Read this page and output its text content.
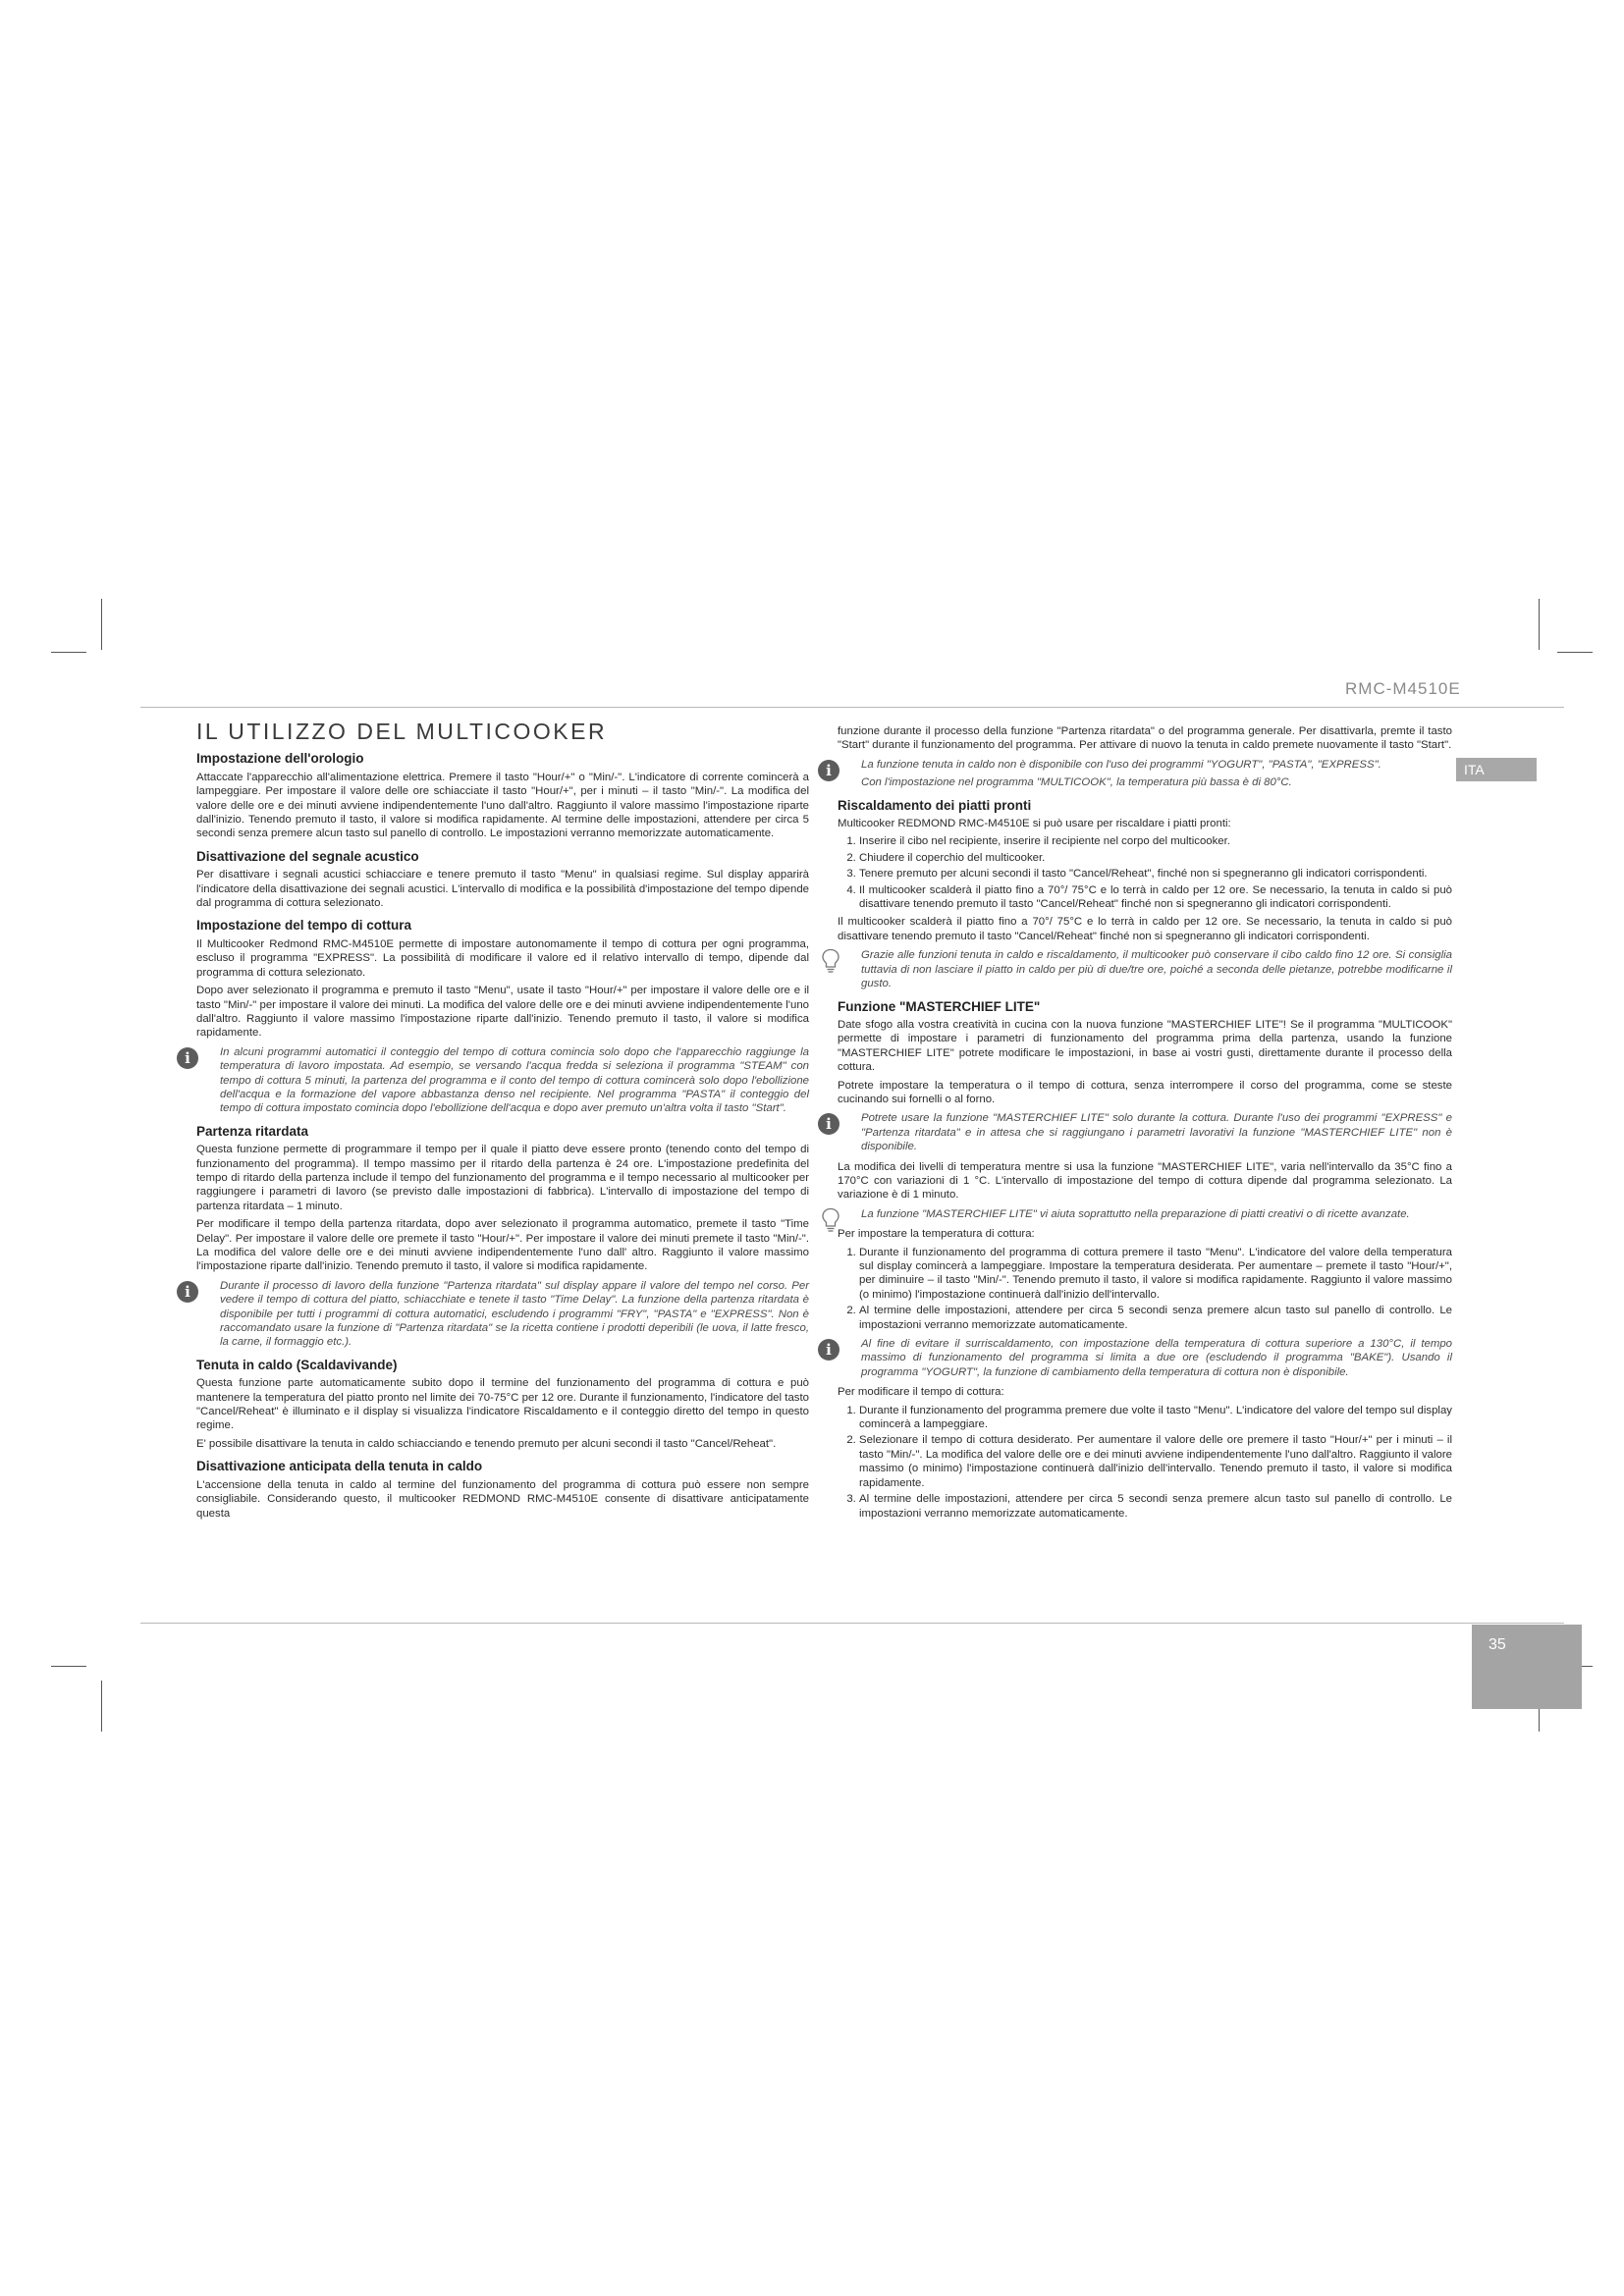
RMC-M4510E
ITA
35
IL UTILIZZO DEL MULTICOOKER
Impostazione dell'orologio

Attaccate l'apparecchio all'alimentazione elettrica. Premere il tasto "Hour/+" o "Min/-". L'indicatore di corrente comincerà a lampeggiare. Per impostare il valore delle ore schiacciate il tasto "Hour/+", per i minuti – il tasto "Min/-". La modifica del valore delle ore e dei minuti avviene indipendentemente l'uno dall'altro. Raggiunto il valore massimo l'impostazione riparte dall'inizio. Tenendo premuto il tasto, il valore si modifica rapidamente. Al termine delle impostazioni, attendere per circa 5 secondi senza premere alcun tasto sul panello di controllo. Le impostazioni verranno memorizzate automaticamente.

Disattivazione del segnale acustico

Per disattivare i segnali acustici schiacciare e tenere premuto il tasto "Menu" in qualsiasi regime. Sul display apparirà l'indicatore della disattivazione dei segnali acustici. L'intervallo di modifica e la possibilità d'impostazione del tempo dipende dal programma di cottura selezionato.

Impostazione del tempo di cottura

Il Multicooker Redmond RMC-M4510E permette di impostare autonomamente il tempo di cottura per ogni programma, escluso il programma "EXPRESS". La possibilità di modificare il valore ed il relativo intervallo di tempo, dipende dal programma di cottura selezionato.

Dopo aver selezionato il programma e premuto il tasto "Menu", usate il tasto "Hour/+" per impostare il valore delle ore e il tasto "Min/-" per impostare il valore dei minuti. La modifica del valore delle ore e dei minuti avviene indipendentemente l'uno dall'altro. Raggiunto il valore massimo l'impostazione riparte dall'inizio. Tenendo premuto il tasto, il valore si modifica rapidamente.

i	In alcuni programmi automatici il conteggio del tempo di cottura comincia solo dopo che l'apparecchio raggiunge la temperatura di lavoro impostata. Ad esempio, se versando l'acqua fredda si seleziona il programma "STEAM" con tempo di cottura 5 minuti, la partenza del programma e il conto del tempo di cottura comincerà solo dopo l'ebollizione dell'acqua e la formazione del vapore abbastanza denso nel recipiente. Nel programma "PASTA" il conteggio del tempo di cottura impostato comincia dopo l'ebollizione dell'acqua e dopo aver premuto un'altra volta il tasto "Start".

Partenza ritardata

Questa funzione permette di programmare il tempo per il quale il piatto deve essere pronto (tenendo conto del tempo di funzionamento del programma). Il tempo massimo per il ritardo della partenza è 24 ore. L'impostazione predefinita del tempo di ritardo della partenza include il tempo del funzionamento del programma e il tempo necessario al multicooker per raggiungere i parametri di lavoro (se previsto dalle impostazioni di fabbrica). L'intervallo di impostazione del tempo di partenza ritardata – 1 minuto.

Per modificare il tempo della partenza ritardata, dopo aver selezionato il programma automatico, premete il tasto "Time Delay". Per impostare il valore delle ore premete il tasto "Hour/+". Per impostare il valore dei minuti premete il tasto "Min/-". La modifica del valore delle ore e dei minuti avviene indipendentemente l'uno dall' altro. Raggiunto il valore massimo l'impostazione riparte dall'inizio. Tenendo premuto il tasto, il valore si modifica rapidamente.

i	Durante il processo di lavoro della funzione "Partenza ritardata" sul display appare il valore del tempo nel corso. Per vedere il tempo di cottura del piatto, schiacchiate e tenete il tasto "Time Delay". La funzione della partenza ritardata è disponibile per tutti i programmi di cottura automatici, escludendo i programmi "FRY", "PASTA" e "EXPRESS". Non è raccomandato usare la funzione di "Partenza ritardata" se la ricetta contiene i prodotti deperibili (le uova, il latte fresco, la carne, il formaggio etc.).

Tenuta in caldo (Scaldavivande)

Questa funzione parte automaticamente subito dopo il termine del funzionamento del programma di cottura e può mantenere la temperatura del piatto pronto nel limite dei 70-75°С per 12 ore. Durante il funzionamento, l'indicatore del tasto "Cancel/Reheat" è illuminato e il display si visualizza l'indicatore Riscaldamento e il conteggio diretto del tempo in questo regime.

E' possibile disattivare la tenuta in caldo schiacciando e tenendo premuto per alcuni secondi il tasto "Cancel/Reheat".

Disattivazione anticipata della tenuta in caldo

L'accensione della tenuta in caldo al termine del funzionamento del programma di cottura può essere non sempre consigliabile. Considerando questo, il multicooker REDMOND RMC-M4510E consente di disattivare anticipatamente questa

funzione durante il processo della funzione "Partenza ritardata" o del programma generale. Per disattivarla, premte il tasto "Start" durante il funzionamento del programma. Per attivare di nuovo la tenuta in caldo premete nuovamente il tasto "Start".

i	La funzione tenuta in caldo non è disponibile con l'uso dei programmi "YOGURT", "PASTA", "EXPRESS".

Con l'impostazione nel programma "MULTICOOK", la temperatura più bassa è di 80°C.

Riscaldamento dei piatti pronti

Multicooker REDMOND RMC-M4510E si può usare per riscaldare i piatti pronti:

1. Inserire il cibo nel recipiente, inserire il recipiente nel corpo del multicooker.
2. Chiudere il coperchio del multicooker.
3. Tenere premuto per alcuni secondi il tasto "Cancel/Reheat", finché non si spegneranno gli indicatori corrispondenti.
4. Il multicooker scalderà il piatto fino a 70°/ 75°C e lo terrà in caldo per 12 ore. Se necessario, la tenuta in caldo si può disattivare tenendo premuto il tasto "Cancel/Reheat" finché non si spegneranno gli indicatori corrispondenti.

Il multicooker scalderà il piatto fino a 70°/ 75°C e lo terrà in caldo per 12 ore. Se necessario, la tenuta in caldo si può disattivare tenendo premuto il tasto "Cancel/Reheat" finché non si spegneranno gli indicatori corrispondenti.

Grazie alle funzioni tenuta in caldo e riscaldamento, il multicooker può conservare il cibo caldo fino 12 ore. Si consiglia tuttavia di non lasciare il piatto in caldo per più di due/tre ore, poiché a seconda delle pietanze, potrebbe modificarne il gusto.

Funzione "MASTERCHIEF LITE"

Date sfogo alla vostra creatività in cucina con la nuova funzione "MASTERCHIEF LITE"! Se il programma "MULTICOOK" permette di impostare i parametri di funzionamento del programma prima della partenza, usando la funzione "MASTERCHIEF LITE" potrete modificare le impostazioni, in base ai vostri gusti, direttamente durante il processo della cottura.

Potrete impostare la temperatura o il tempo di cottura, senza interrompere il corso del programma, come se steste cucinando sui fornelli o al forno.

i	Potrete usare la funzione "MASTERCHIEF LITE" solo durante la cottura. Durante l'uso dei programmi "EXPRESS" e "Partenza ritardata" e in attesa che si raggiungano i parametri lavorativi la funzione "MASTERCHIEF LITE" non è disponibile.

La modifica dei livelli di temperatura mentre si usa la funzione "MASTERCHIEF LITE", varia nell'intervallo da 35°C fino a 170°C con variazioni di 1 °C. L'intervallo di impostazione del tempo di cottura dipende dal programma selezionato. La variazione è di 1 minuto.

La funzione "MASTERCHIEF LITE" vi aiuta soprattutto nella preparazione di piatti creativi o di ricette avanzate.

Per impostare la temperatura di cottura:

1. Durante il funzionamento del programma di cottura premere il tasto "Menu". L'indicatore del valore della temperatura sul display comincerà a lampeggiare. Impostare la temperatura desiderata. Per aumentare – premete il tasto "Hour/+", per diminuire – il tasto "Min/-". Tenendo premuto il tasto, il valore si modifica rapidamente. Raggiunto il valore massimo (o minimo) l'impostazione continuerà dall'inizio dell'intervallo.
2. Al termine delle impostazioni, attendere per circa 5 secondi senza premere alcun tasto sul panello di controllo. Le impostazioni verranno memorizzate automaticamente.
i	Al fine di evitare il surriscaldamento, con impostazione della temperatura di cottura superiore a 130°C, il tempo massimo di funzionamento del programma si limita a due ore (escludendo il programma "BAKE"). Usando il programma "YOGURT", la funzione di cambiamento della temperatura di cottura non è disponibile.

Per modificare il tempo di cottura:

1. Durante il funzionamento del programma premere due volte il tasto "Menu". L'indicatore del valore del tempo sul display comincerà a lampeggiare.
2. Selezionare il tempo di cottura desiderato. Per aumentare il valore delle ore premere il tasto "Hour/+" per i minuti – il tasto "Min/-". La modifica del valore delle ore e dei minuti avviene indipendentemente l'uno dall'altro. Raggiunto il valore massimo (o minimo) l'impostazione continuerà dall'inizio dell'intervallo. Tenendo premuto il tasto, il valore si modifica rapidamente.
3. Al termine delle impostazioni, attendere per circa 5 secondi senza premere alcun tasto sul panello di controllo. Le impostazioni verranno memorizzate automaticamente.
